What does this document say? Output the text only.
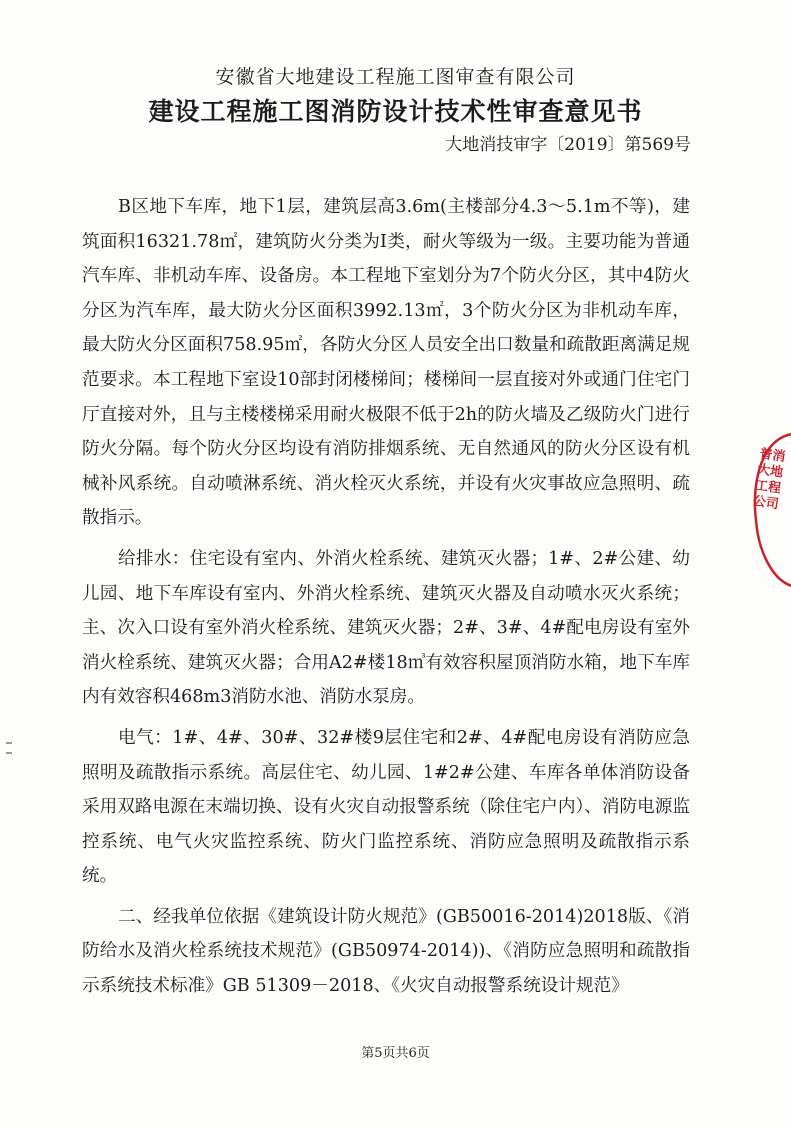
安徽省大地建设工程施工图审查有限公司
建设工程施工图消防设计技术性审查意见书
大地消技审字〔2019〕第569号

B区地下车库，地下1层，建筑层高3.6m(主楼部分4.3～5.1m不等)，建筑面积16321.78㎡，建筑防火分类为Ⅰ类，耐火等级为一级。主要功能为普通汽车库、非机动车库、设备房。本工程地下室划分为7个防火分区，其中4防火分区为汽车库，最大防火分区面积3992.13㎡，3个防火分区为非机动车库，最大防火分区面积758.95㎡，各防火分区人员安全出口数量和疏散距离满足规范要求。本工程地下室设10部封闭楼梯间；楼梯间一层直接对外或通门住宅门厅直接对外，且与主楼楼梯采用耐火极限不低于2h的防火墙及乙级防火门进行防火分隔。每个防火分区均设有消防排烟系统、无自然通风的防火分区设有机械补风系统。自动喷淋系统、消火栓灭火系统，并设有火灾事故应急照明、疏散指示。

给排水：住宅设有室内、外消火栓系统、建筑灭火器；1#、2#公建、幼儿园、地下车库设有室内、外消火栓系统、建筑灭火器及自动喷水灭火系统；主、次入口设有室外消火栓系统、建筑灭火器；2#、3#、4#配电房设有室外消火栓系统、建筑灭火器；合用A2#楼18㎥有效容积屋顶消防水箱，地下车库内有效容积468m3消防水池、消防水泵房。

电气：1#、4#、30#、32#楼9层住宅和2#、4#配电房设有消防应急照明及疏散指示系统。高层住宅、幼儿园、1#2#公建、车库各单体消防设备采用双路电源在末端切换、设有火灾自动报警系统（除住宅户内）、消防电源监控系统、电气火灾监控系统、防火门监控系统、消防应急照明及疏散指示系统。

二、经我单位依据《建筑设计防火规范》(GB50016-2014)2018版、《消防给水及消火栓系统技术规范》(GB50974-2014))、《消防应急照明和疏散指示系统技术标准》GB 51309－2018、《火灾自动报警系统设计规范》

普消大地工程公司
第5页共6页
